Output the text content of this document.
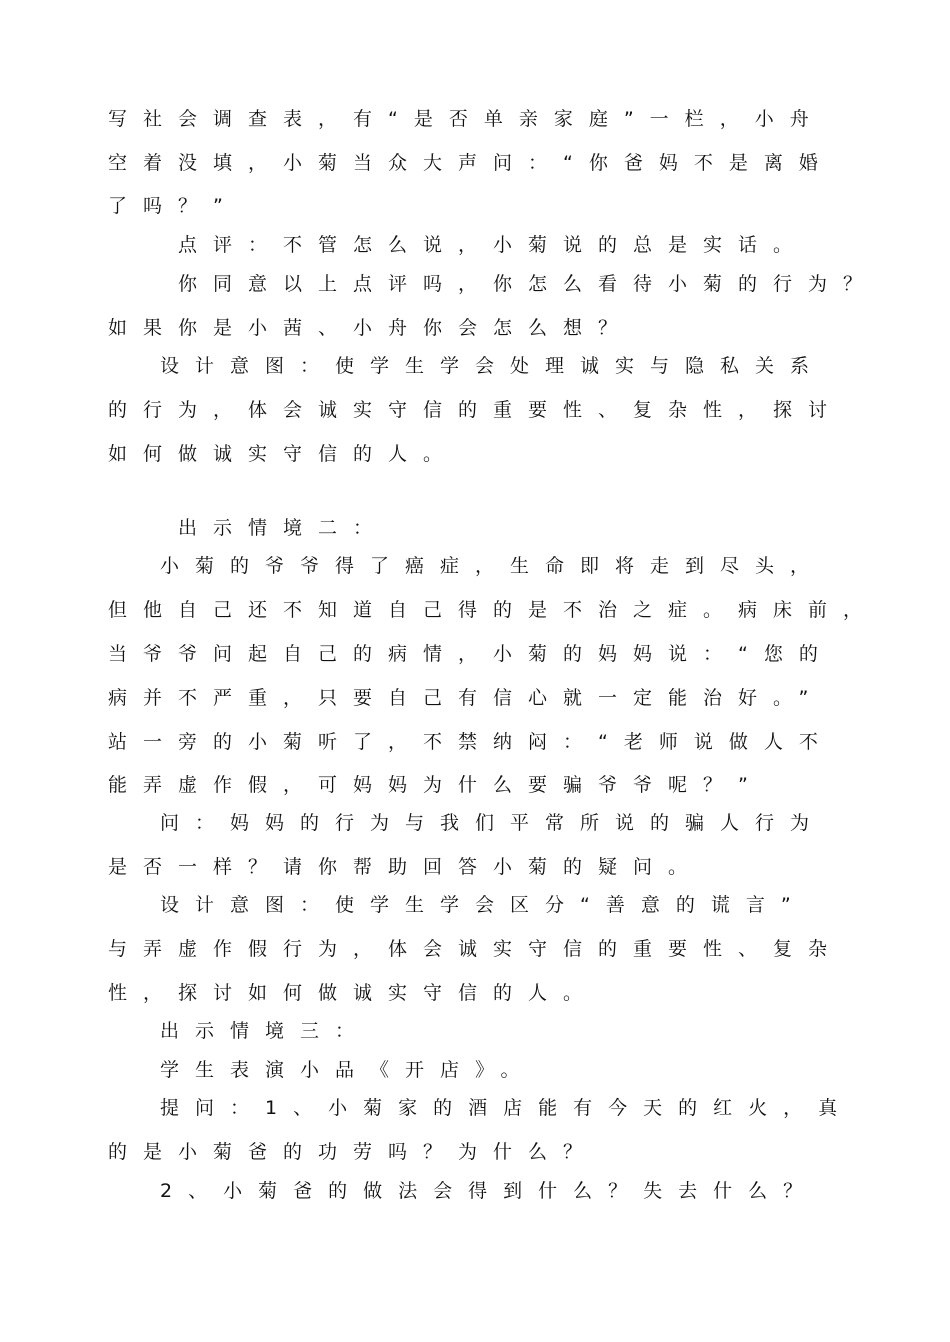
写社会调查表，有“是否单亲家庭”一栏，小舟
空着没填，小菊当众大声问：“你爸妈不是离婚
了吗？”
点评：不管怎么说，小菊说的总是实话。
你同意以上点评吗，你怎么看待小菊的行为？
如果你是小茜、小舟你会怎么想？
设计意图：使学生学会处理诚实与隐私关系
的行为，体会诚实守信的重要性、复杂性，探讨
如何做诚实守信的人。
出示情境二：
小菊的爷爷得了癌症，生命即将走到尽头，
但他自己还不知道自己得的是不治之症。病床前，
当爷爷问起自己的病情，小菊的妈妈说：“您的
病并不严重，只要自己有信心就一定能治好。”
站一旁的小菊听了，不禁纳闷：“老师说做人不
能弄虚作假，可妈妈为什么要骗爷爷呢？”
问：妈妈的行为与我们平常所说的骗人行为
是否一样？请你帮助回答小菊的疑问。
设计意图：使学生学会区分“善意的谎言”
与弄虚作假行为，体会诚实守信的重要性、复杂
性，探讨如何做诚实守信的人。
出示情境三：
学生表演小品《开店》。
提问：1、小菊家的酒店能有今天的红火，真
的是小菊爸的功劳吗？为什么？
2、小菊爸的做法会得到什么？失去什么？
